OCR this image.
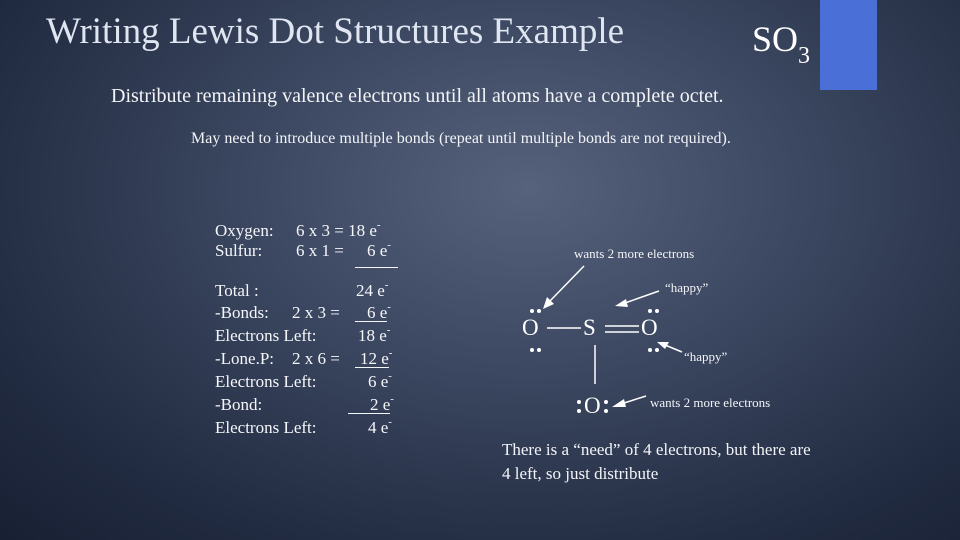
Writing Lewis Dot Structures Example	$SO_3$
Distribute remaining valence electrons until all atoms have a complete octet.
May need to introduce multiple bonds (repeat until multiple bonds are not required).
Oxygen: 6 x 3 = 18 e-
Sulfur: 6 x 1 = 6 e-
Total :	24 e-
-Bonds: 2 x 3 =	6 e-
Electrons Left: 18 e-
-Lone.P: 2 x 6 = 12 e-
Electrons Left:	6 e-
-Bond:	2 e-
Electrons Left:	4 e-
O S O
O
wants 2 more electrons
“happy”
“happy”
wants 2 more electrons
There is a “need” of 4 electrons, but there are 4 left, so just distribute
